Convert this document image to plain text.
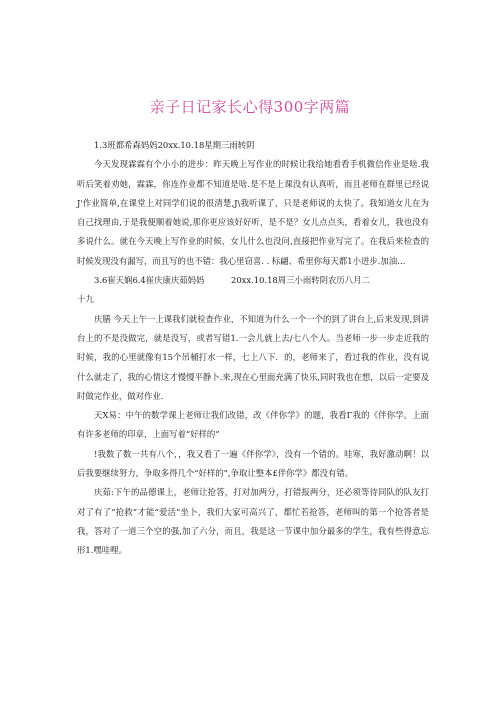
亲子日记家长心得300字两篇

1.3班都希森妈妈20xx.10.18星期三雨转阴

今天发现霖霖有个小小的进步：昨天晚上写作业的时候让我给她看看手机微信作业是啥.我听后笑着劝她，霖霖，你连作业都不知道是啥.是不是上课没有认真听，而且老师在群里已经说J'作业简单,在课堂上对同学们说的很清楚,J\我听课了，只是老师说的太快了。我知道女儿在为自己找理由,于是我便顺着她说,那你更应该好好听，是不是？女儿点点头，看着女儿，我也没有多说什么。就在今天晚上写作业的时候，女儿什么也没问,直接把作业写完了。在我后来检查的时候发现没有漏写，而且写的也不错：我心里窃喜. . 标翩、希里你每天都1小进步.加油…

3.6崔天娴6.4崔庆康庆茹妈妈          20xx.10.18周三小雨转阴农历八月二

十九

庆膳 今天上午一上课我们就检查作业，不知道为什么一个一个的到了讲台上,后来发现,到讲台上的不是没做完，就是没写，或者写错1.一会儿就上去/七八个人。当老师一步一步走近我的时候，我的心里就像有15个吊桶打水一样，七上八下．的，老师来了，看过我的作业，没有说什么就走了，我的心情这才慢慢平静卜.来,现在心里面充满了快乐,同时我也在想，以后一定要及时做完作业，做对作业.

天X易：中午的数学课上老师让我们改错，改《伴你学》的题，我看Γ我的《伴你学。上面有许多老师的印章，上面写着“好样的”

!我数了数一共有八个，，我又看了一遍《伴你学》，没有一个错的。哇寒，我好激动啊！以后我要继续努力，争取多得几个“好样的”,争取让整本£伴你学》都没有错。

庆茹:下午的品德课上，老师让抢答，打对加两分，打错报两分，还必须等待同队的队友打对了有了“抢救”才能“爱活”坐卜，我们大家可高兴了，都忙若抢答，老师叫的第一个抢答者是我，答对了一道三个空的强,加了六分，而且，我是这一节课中加分最多的学生，我有些得意忘形1.嘿哇哩。
